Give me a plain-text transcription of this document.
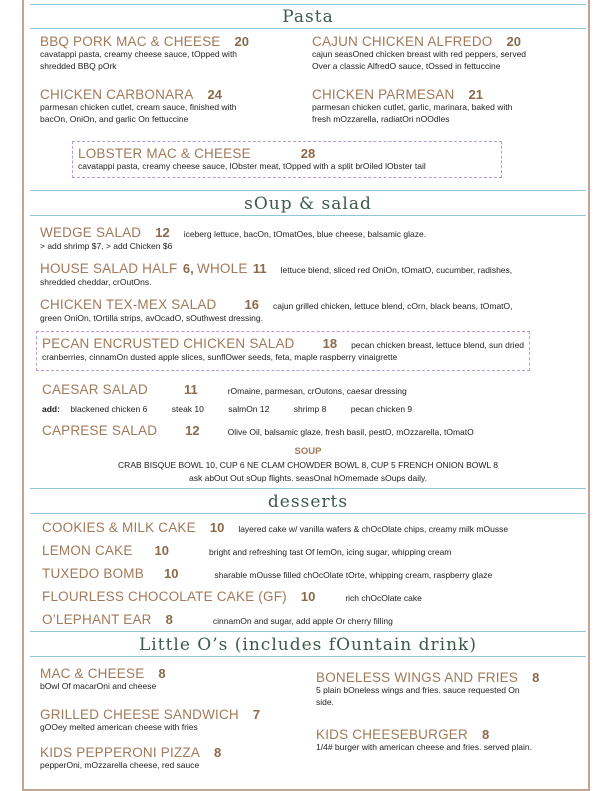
Pasta
BBQ PORK MAC & CHEESE 20
cavatappi pasta, creamy cheese sauce, tOpped with
shredded BBQ pOrk
CAJUN CHICKEN ALFREDO 20
cajun seasOned chicken breast with red peppers, served
Over a classic AlfredO sauce, tOssed in fettuccine
CHICKEN CARBONARA 24
parmesan chicken cutlet, cream sauce, finished with
bacOn, OniOn, and garlic On fettuccine
CHICKEN PARMESAN 21
parmesan chicken cutlet, garlic, marinara, baked with
fresh mOzzarella, radiatOri nOOdles
LOBSTER MAC & CHEESE	28
cavatappi pasta, creamy cheese sauce, lObster meat, tOpped with a split brOiled lObster tail
sOup & salad
WEDGE SALAD 12 iceberg lettuce, bacOn, tOmatOes, blue cheese, balsamic glaze.
> add shrimp $7, > add Chicken $6
HOUSE SALAD HALF 6, WHOLE 11 lettuce blend, sliced red OniOn, tOmatO, cucumber, radishes,
shredded cheddar, crOutOns.
CHICKEN TEX-MEX SALAD 16 cajun grilled chicken, lettuce blend, cOrn, black beans, tOmatO,
green OniOn, tOrtilla strips, avOcadO, sOuthwest dressing.
PECAN ENCRUSTED CHICKEN SALAD 18 pecan chicken breast, lettuce blend, sun dried
cranberries, cinnamOn dusted apple slices, sunflOwer seeds, feta, maple raspberry vinaigrette
CAESAR SALAD	11	rOmaine, parmesan, crOutons, caesar dressing
add: blackened chicken 6	steak 10	salmOn 12	shrimp 8	pecan chicken 9
CAPRESE SALAD 12	Olive Oil, balsamic glaze, fresh basil, pestO, mOzzarella, tOmatO
SOUP
CRAB BISQUE BOWL 10, CUP 6 NE CLAM CHOWDER BOWL 8, CUP 5 FRENCH ONION BOWL 8
ask abOut Out sOup flights. seasOnal hOmemade sOups daily.
desserts
COOKIES & MILK CAKE 10 layered cake w/ vanilla wafers & chOcOlate chips, creamy milk mOusse
LEMON CAKE 10	bright and refreshing tast Of lemOn, icing sugar, whipping cream
TUXEDO BOMB 10	sharable mOusse filled chOcOlate tOrte, whipping cream, raspberry glaze
FLOURLESS CHOCOLATE CAKE (GF) 10	rich chOcOlate cake
O’LEPHANT EAR 8	cinnamOn and sugar, add apple Or cherry filling
Little O’s (includes fOuntain drink)
MAC & CHEESE 8
bOwl Of macarOni and cheese
GRILLED CHEESE SANDWICH 7
gOOey melted american cheese with fries
KIDS PEPPERONI PIZZA 8
pepperOni, mOzzarella cheese, red sauce
BONELESS WINGS AND FRIES 8
5 plain bOneless wings and fries. sauce requested On
side.
KIDS CHEESEBURGER 8
1/4# burger with american cheese and fries. served plain.
